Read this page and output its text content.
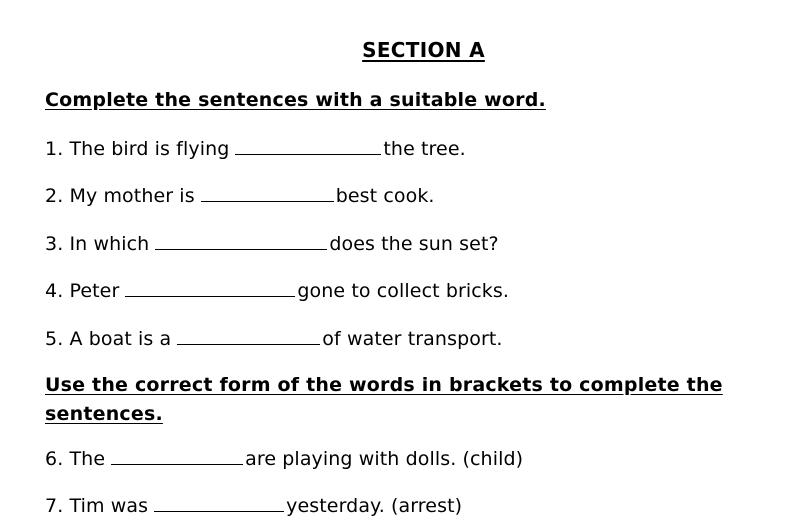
SECTION A
Complete the sentences with a suitable word.
1. The bird is flying	the tree.
2. My mother is	best cook.
3. In which	does the sun set?
4. Peter	gone to collect bricks.
5. A boat is a	of water transport.
Use the correct form of the words in brackets to complete the sentences.
6. The	are playing with dolls. (child)
7. Tim was	yesterday. (arrest)
